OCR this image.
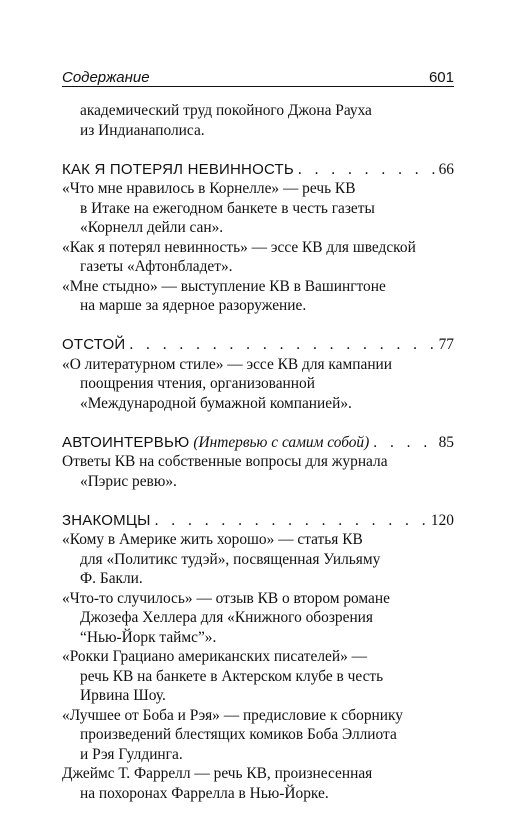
Содержание	601
академический труд покойного Джона Рауха
из Индианаполиса.
КАК Я ПОТЕРЯЛ НЕВИННОСТЬ . . .	66
«Что мне нравилось в Корнелле» — речь КВ
в Итаке на ежегодном банкете в честь газеты
«Корнелл дейли сан».
«Как я потерял невинность» — эссе КВ для шведской
газеты «Афтонбладет».
«Мне стыдно» — выступление КВ в Вашингтоне
на марше за ядерное разоружение.
ОТСТОЙ . . .	77
«О литературном стиле» — эссе КВ для кампании
поощрения чтения, организованной
«Международной бумажной компанией».
АВТОИНТЕРВЬЮ (Интервью с самим собой) . . .	85
Ответы КВ на собственные вопросы для журнала
«Пэрис ревю».
ЗНАКОМЦЫ . . .	120
«Кому в Америке жить хорошо» — статья КВ
для «Политикс тудэй», посвященная Уильяму
Ф. Бакли.
«Что-то случилось» — отзыв КВ о втором романе
Джозефа Хеллера для «Книжного обозрения
“Нью-Йорк таймс”».
«Рокки Грациано американских писателей» —
речь КВ на банкете в Актерском клубе в честь
Ирвина Шоу.
«Лучшее от Боба и Рэя» — предисловие к сборнику
произведений блестящих комиков Боба Эллиота
и Рэя Гулдинга.
Джеймс Т. Фаррелл — речь КВ, произнесенная
на похоронах Фаррелла в Нью-Йорке.
